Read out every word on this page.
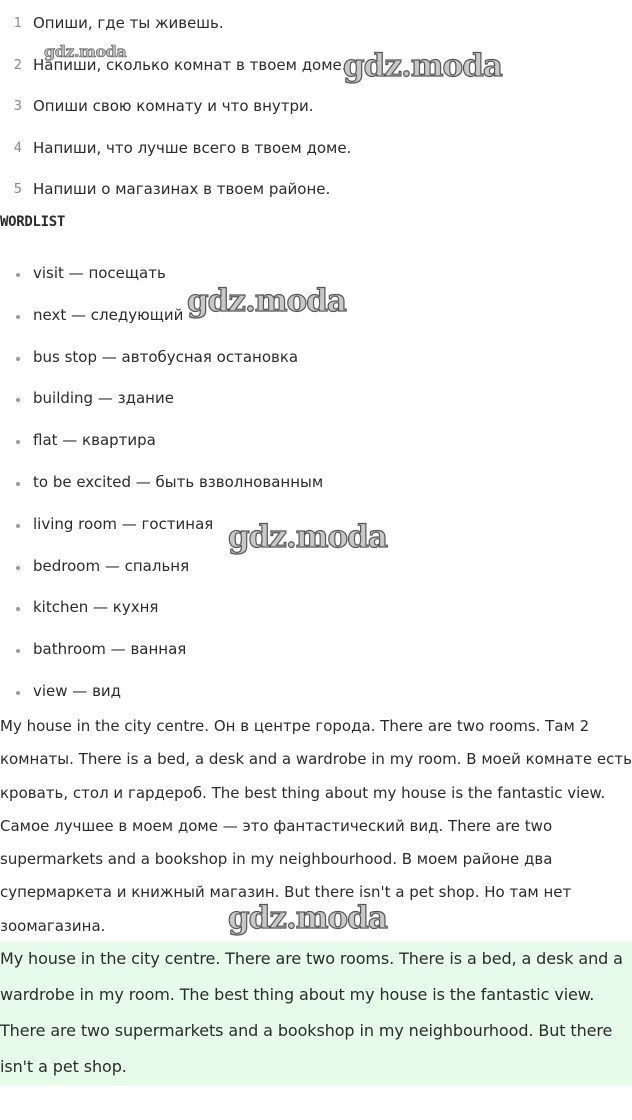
1 Опиши, где ты живешь.
2 Напиши, сколько комнат в твоем доме.
3 Опиши свою комнату и что внутри.
4 Напиши, что лучше всего в твоем доме.
5 Напиши о магазинах в твоем районе.
WORDLIST
visit — посещать
next — следующий
bus stop — автобусная остановка
building — здание
flat — квартира
to be excited — быть взволнованным
living room — гостиная
bedroom — спальня
kitchen — кухня
bathroom — ванная
view — вид

My house in the city centre. Он в центре города. There are two rooms. Там 2 комнаты. There is a bed, a desk and a wardrobe in my room. В моей комнате есть кровать, стол и гардероб. The best thing about my house is the fantastic view. Самое лучшее в моем доме — это фантастический вид. There are two supermarkets and a bookshop in my neighbourhood. В моем районе два супермаркета и книжный магазин. But there isn't a pet shop. Но там нет зоомагазина.

My house in the city centre. There are two rooms. There is a bed, a desk and a wardrobe in my room. The best thing about my house is the fantastic view. There are two supermarkets and a bookshop in my neighbourhood. But there isn't a pet shop.

gdz.moda	gdz.moda
gdz.moda
gdz.moda
gdz.moda
